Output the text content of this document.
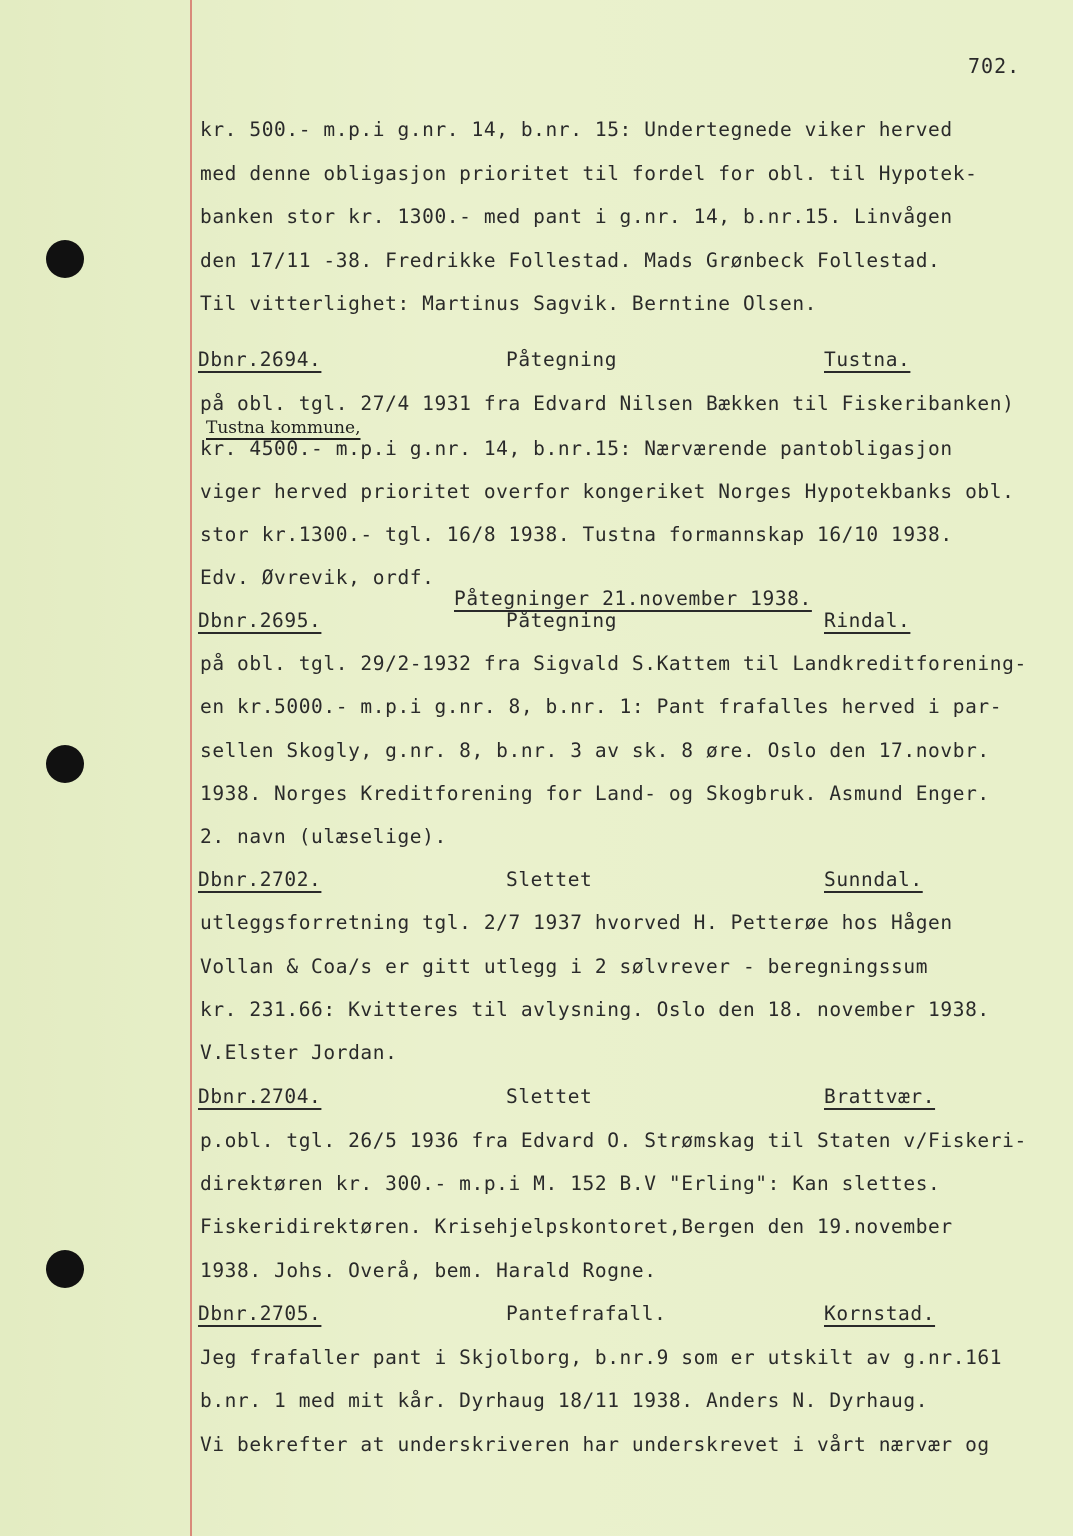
702.
kr. 500.- m.p.i g.nr. 14, b.nr. 15: Undertegnede viker herved
med denne obligasjon prioritet til fordel for obl. til Hypotek-
banken stor kr. 1300.- med pant i g.nr. 14, b.nr.15. Linvågen
den 17/11 -38. Fredrikke Follestad. Mads Grønbeck Follestad.
Til vitterlighet: Martinus Sagvik. Berntine Olsen.
Dbnr.2694.	Påtegning	Tustna.
på obl. tgl. 27/4 1931 fra Edvard Nilsen Bækken til Fiskeribanken)
Tustna kommune,
kr. 4500.- m.p.i g.nr. 14, b.nr.15: Nærværende pantobligasjon
viger herved prioritet overfor kongeriket Norges Hypotekbanks obl.
stor kr.1300.- tgl. 16/8 1938. Tustna formannskap 16/10 1938.
Edv. Øvrevik, ordf.
Påtegninger 21.november 1938.
Dbnr.2695.	Påtegning	Rindal.
på obl. tgl. 29/2-1932 fra Sigvald S.Kattem til Landkreditforening-
en kr.5000.- m.p.i g.nr. 8, b.nr. 1: Pant frafalles herved i par-
sellen Skogly, g.nr. 8, b.nr. 3 av sk. 8 øre. Oslo den 17.novbr.
1938. Norges Kreditforening for Land- og Skogbruk. Asmund Enger.
2. navn (ulæselige).
Dbnr.2702.	Slettet	Sunndal.
utleggsforretning tgl. 2/7 1937 hvorved H. Petterøe hos Hågen
Vollan & Coa/s er gitt utlegg i 2 sølvrever - beregningssum
kr. 231.66: Kvitteres til avlysning. Oslo den 18. november 1938.
V.Elster Jordan.
Dbnr.2704.	Slettet	Brattvær.
p.obl. tgl. 26/5 1936 fra Edvard O. Strømskag til Staten v/Fiskeri-
direktøren kr. 300.- m.p.i M. 152 B.V "Erling": Kan slettes.
Fiskeridirektøren. Krisehjelpskontoret,Bergen den 19.november
1938. Johs. Overå, bem. Harald Rogne.
Dbnr.2705.	Pantefrafall.	Kornstad.
Jeg frafaller pant i Skjolborg, b.nr.9 som er utskilt av g.nr.161
b.nr. 1 med mit kår. Dyrhaug 18/11 1938. Anders N. Dyrhaug.
Vi bekrefter at underskriveren har underskrevet i vårt nærvær og
